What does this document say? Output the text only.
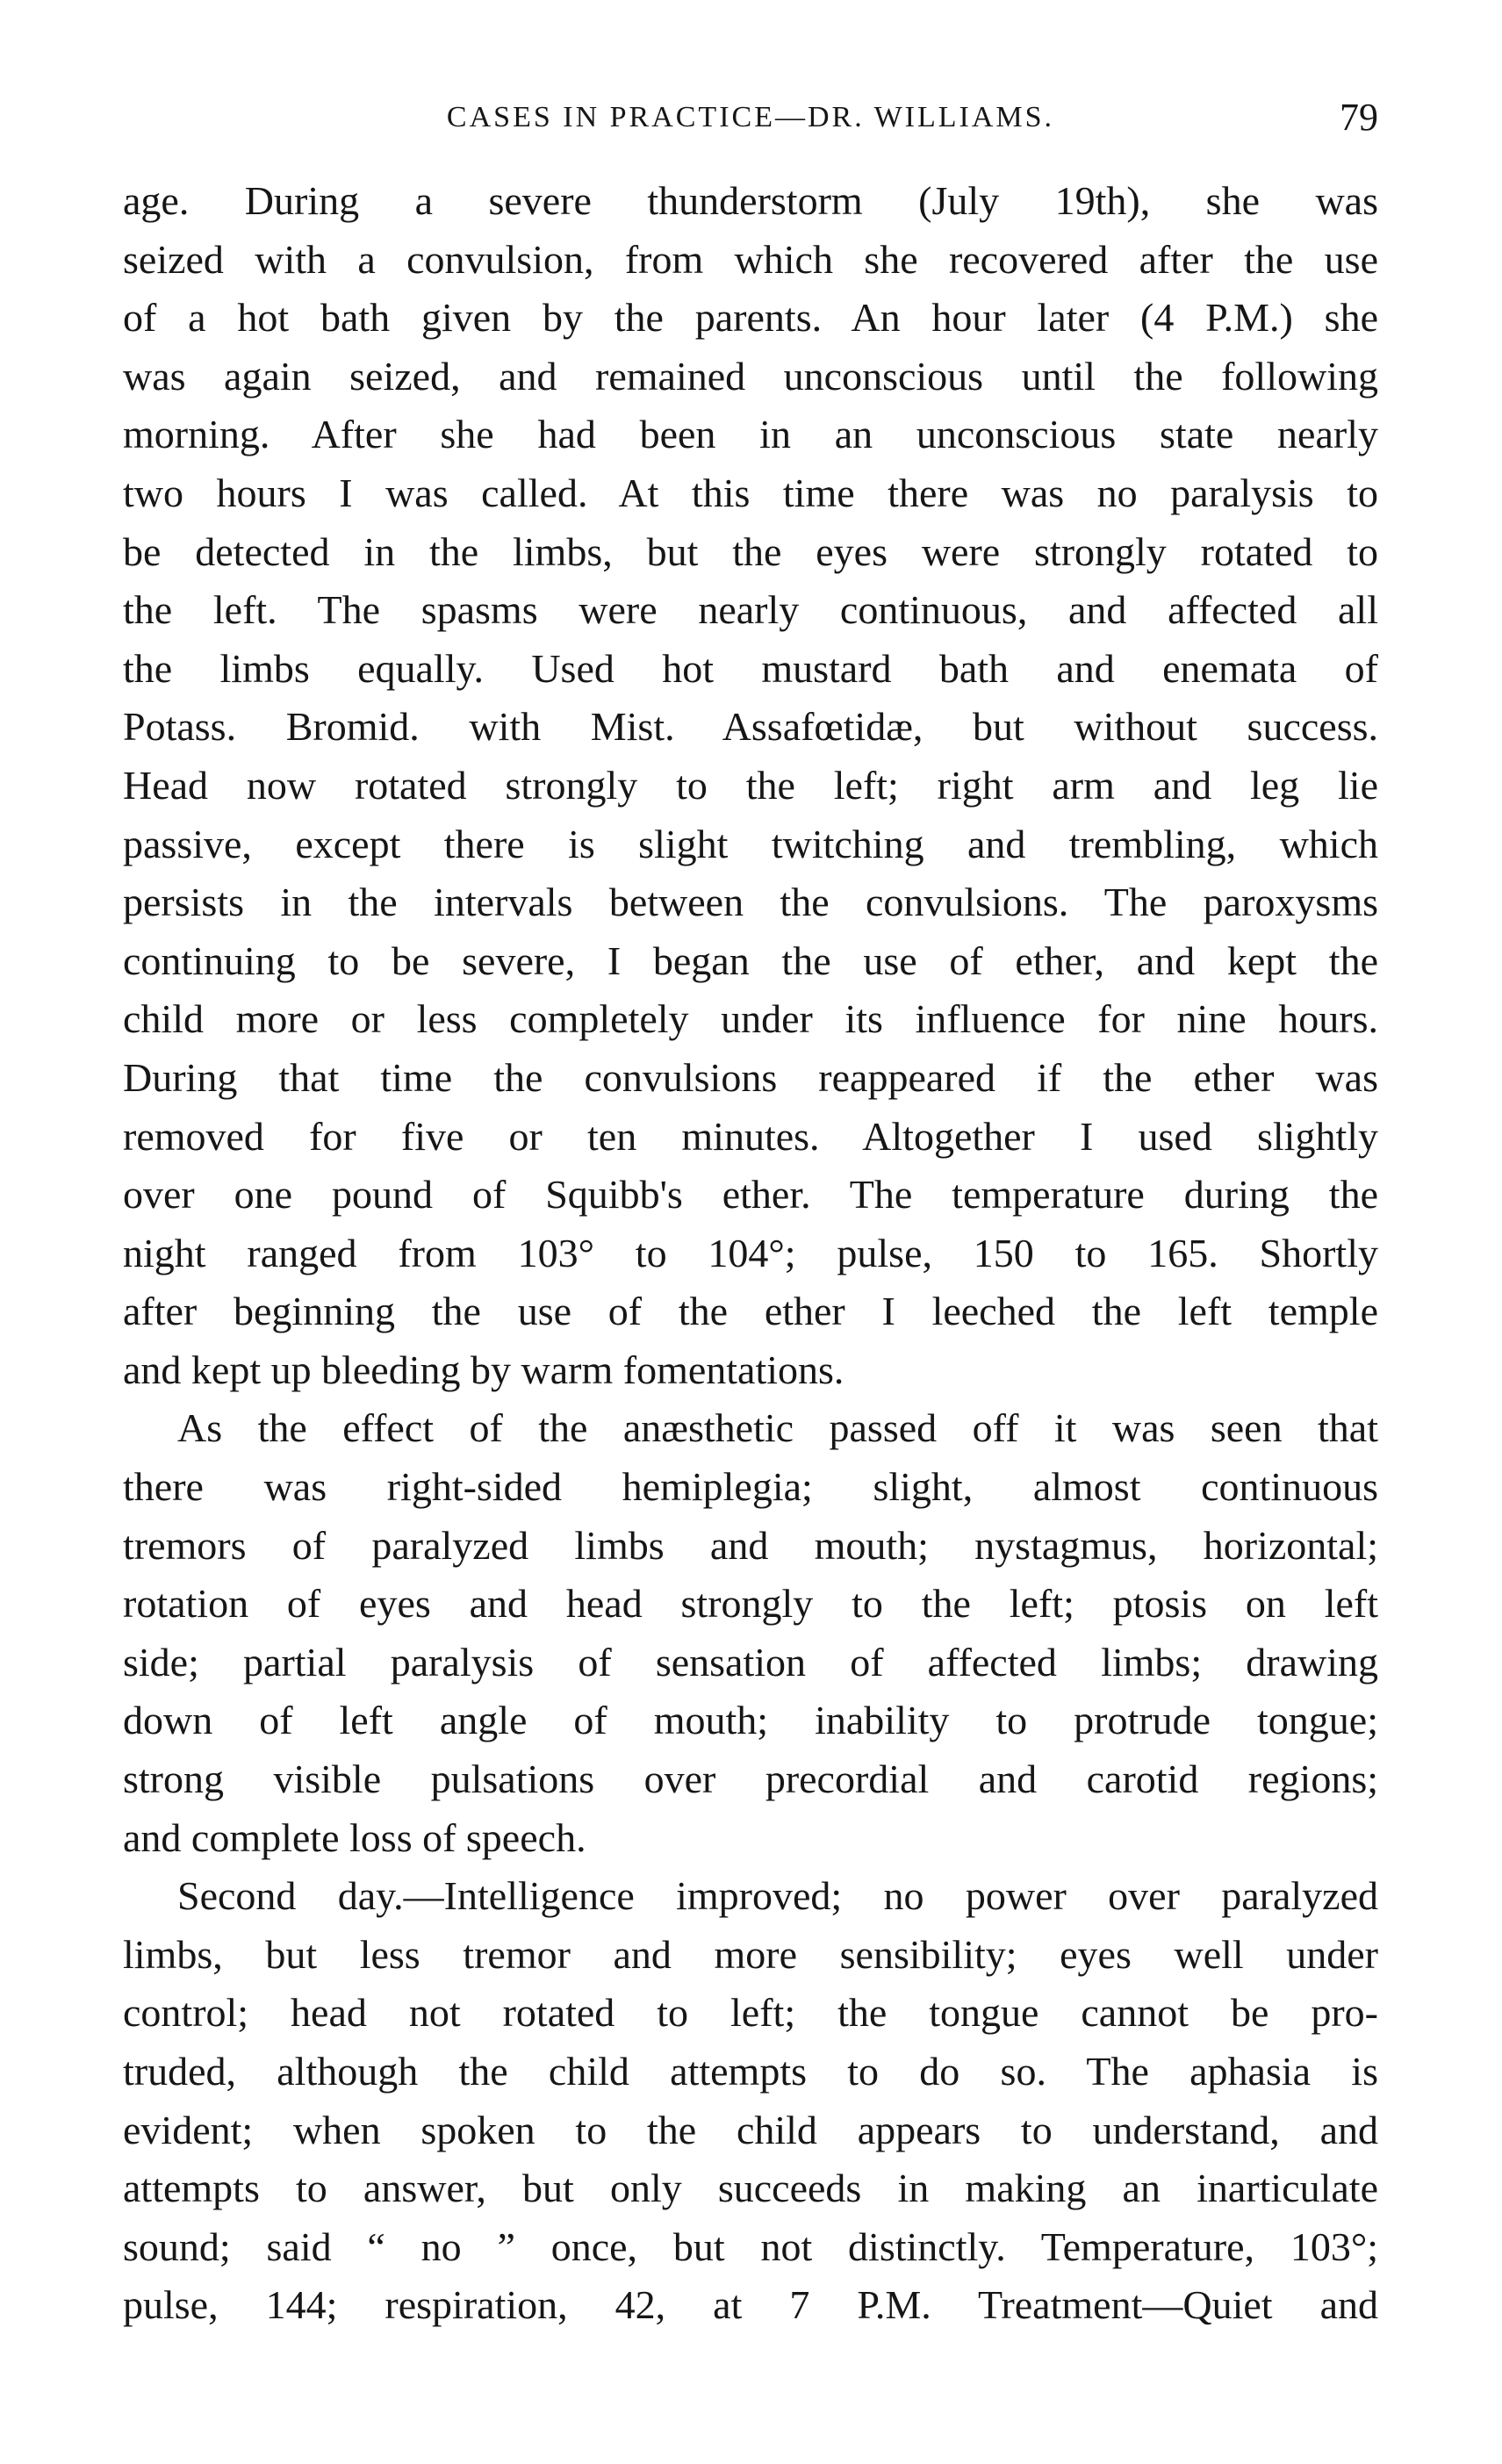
CASES IN PRACTICE—DR. WILLIAMS.	79
age. During a severe thunderstorm (July 19th), she was
seized with a convulsion, from which she recovered after the use
of a hot bath given by the parents. An hour later (4 P.M.) she
was again seized, and remained unconscious until the following
morning. After she had been in an unconscious state nearly
two hours I was called. At this time there was no paralysis to
be detected in the limbs, but the eyes were strongly rotated to
the left. The spasms were nearly continuous, and affected all
the limbs equally. Used hot mustard bath and enemata of
Potass. Bromid. with Mist. Assafœtidæ, but without success.
Head now rotated strongly to the left; right arm and leg lie
passive, except there is slight twitching and trembling, which
persists in the intervals between the convulsions. The paroxysms
continuing to be severe, I began the use of ether, and kept the
child more or less completely under its influence for nine hours.
During that time the convulsions reappeared if the ether was
removed for five or ten minutes. Altogether I used slightly
over one pound of Squibb's ether. The temperature during the
night ranged from 103° to 104°; pulse, 150 to 165. Shortly
after beginning the use of the ether I leeched the left temple
and kept up bleeding by warm fomentations.
As the effect of the anæsthetic passed off it was seen that
there was right-sided hemiplegia; slight, almost continuous
tremors of paralyzed limbs and mouth; nystagmus, horizontal;
rotation of eyes and head strongly to the left; ptosis on left
side; partial paralysis of sensation of affected limbs; drawing
down of left angle of mouth; inability to protrude tongue;
strong visible pulsations over precordial and carotid regions;
and complete loss of speech.
Second day.—Intelligence improved; no power over paralyzed
limbs, but less tremor and more sensibility; eyes well under
control; head not rotated to left; the tongue cannot be pro-
truded, although the child attempts to do so. The aphasia is
evident; when spoken to the child appears to understand, and
attempts to answer, but only succeeds in making an inarticulate
sound; said “ no ” once, but not distinctly. Temperature, 103°;
pulse, 144; respiration, 42, at 7 P.M. Treatment—Quiet and
